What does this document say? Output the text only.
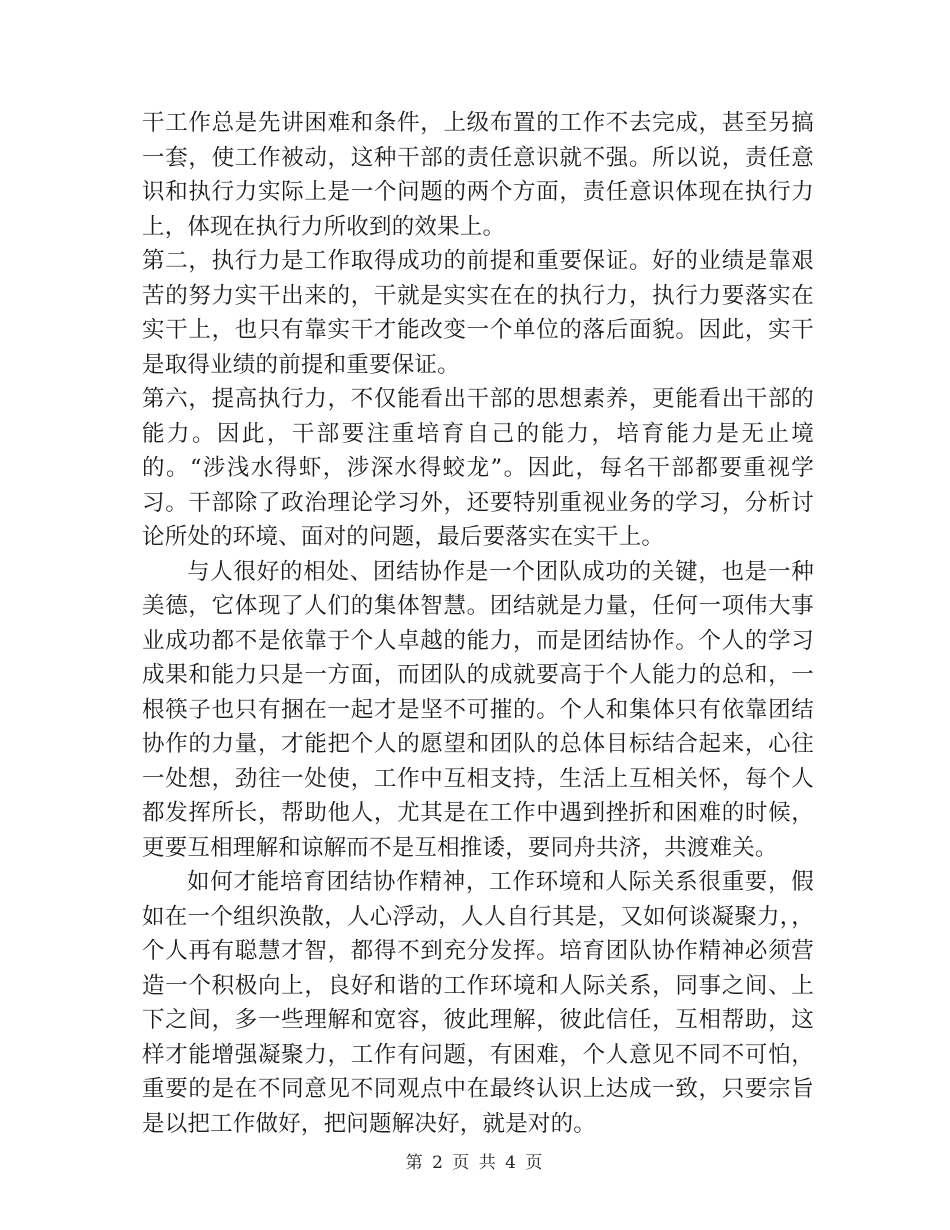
干工作总是先讲困难和条件，上级布置的工作不去完成，甚至另搞一套，使工作被动，这种干部的责任意识就不强。所以说，责任意识和执行力实际上是一个问题的两个方面，责任意识体现在执行力上，体现在执行力所收到的效果上。

第二，执行力是工作取得成功的前提和重要保证。好的业绩是靠艰苦的努力实干出来的，干就是实实在在的执行力，执行力要落实在实干上，也只有靠实干才能改变一个单位的落后面貌。因此，实干是取得业绩的前提和重要保证。

第六，提高执行力，不仅能看出干部的思想素养，更能看出干部的能力。因此，干部要注重培育自己的能力，培育能力是无止境的。“涉浅水得虾，涉深水得蛟龙”。因此，每名干部都要重视学习。干部除了政治理论学习外，还要特别重视业务的学习，分析讨论所处的环境、面对的问题，最后要落实在实干上。

与人很好的相处、团结协作是一个团队成功的关键，也是一种美德，它体现了人们的集体智慧。团结就是力量，任何一项伟大事业成功都不是依靠于个人卓越的能力，而是团结协作。个人的学习成果和能力只是一方面，而团队的成就要高于个人能力的总和，一根筷子也只有捆在一起才是坚不可摧的。个人和集体只有依靠团结协作的力量，才能把个人的愿望和团队的总体目标结合起来，心往一处想，劲往一处使，工作中互相支持，生活上互相关怀，每个人都发挥所长，帮助他人，尤其是在工作中遇到挫折和困难的时候，更要互相理解和谅解而不是互相推诿，要同舟共济，共渡难关。

如何才能培育团结协作精神，工作环境和人际关系很重要，假如在一个组织涣散，人心浮动，人人自行其是，又如何谈凝聚力，，个人再有聪慧才智，都得不到充分发挥。培育团队协作精神必须营造一个积极向上，良好和谐的工作环境和人际关系，同事之间、上下之间，多一些理解和宽容，彼此理解，彼此信任，互相帮助，这样才能增强凝聚力，工作有问题，有困难，个人意见不同不可怕，重要的是在不同意见不同观点中在最终认识上达成一致，只要宗旨是以把工作做好，把问题解决好，就是对的。

第 2 页 共 4 页
